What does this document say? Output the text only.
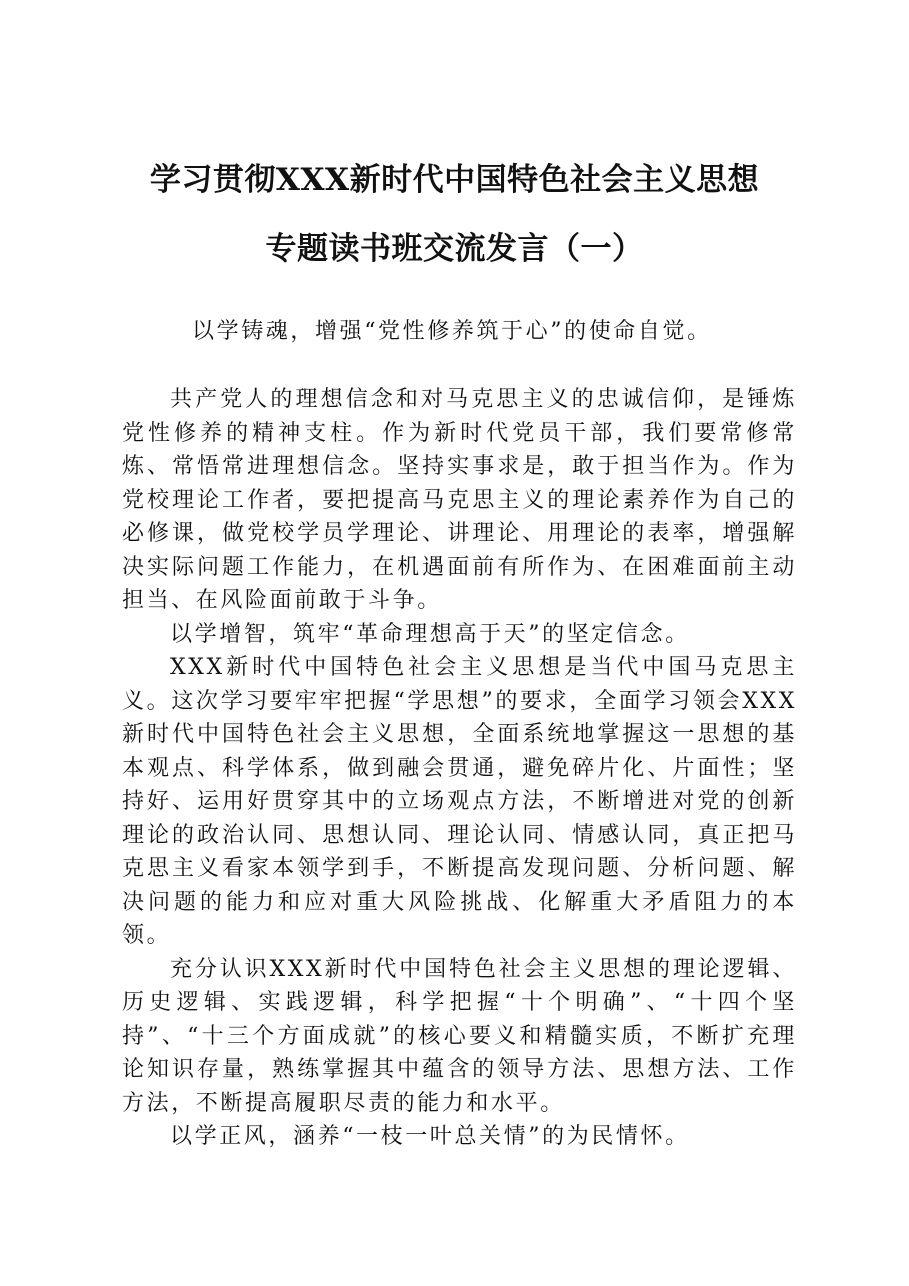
学习贯彻XXX新时代中国特色社会主义思想
专题读书班交流发言（一）
以学铸魂，增强“党性修养筑于心”的使命自觉。

共产党人的理想信念和对马克思主义的忠诚信仰，是锤炼党性修养的精神支柱。作为新时代党员干部，我们要常修常炼、常悟常进理想信念。坚持实事求是，敢于担当作为。作为党校理论工作者，要把提高马克思主义的理论素养作为自己的必修课，做党校学员学理论、讲理论、用理论的表率，增强解决实际问题工作能力，在机遇面前有所作为、在困难面前主动担当、在风险面前敢于斗争。

以学增智，筑牢“革命理想高于天”的坚定信念。

XXX新时代中国特色社会主义思想是当代中国马克思主义。这次学习要牢牢把握“学思想”的要求，全面学习领会XXX新时代中国特色社会主义思想，全面系统地掌握这一思想的基本观点、科学体系，做到融会贯通，避免碎片化、片面性；坚持好、运用好贯穿其中的立场观点方法，不断增进对党的创新理论的政治认同、思想认同、理论认同、情感认同，真正把马克思主义看家本领学到手，不断提高发现问题、分析问题、解决问题的能力和应对重大风险挑战、化解重大矛盾阻力的本领。

充分认识XXX新时代中国特色社会主义思想的理论逻辑、历史逻辑、实践逻辑，科学把握“十个明确”、“十四个坚持”、“十三个方面成就”的核心要义和精髓实质，不断扩充理论知识存量，熟练掌握其中蕴含的领导方法、思想方法、工作方法，不断提高履职尽责的能力和水平。

以学正风，涵养“一枝一叶总关情”的为民情怀。
